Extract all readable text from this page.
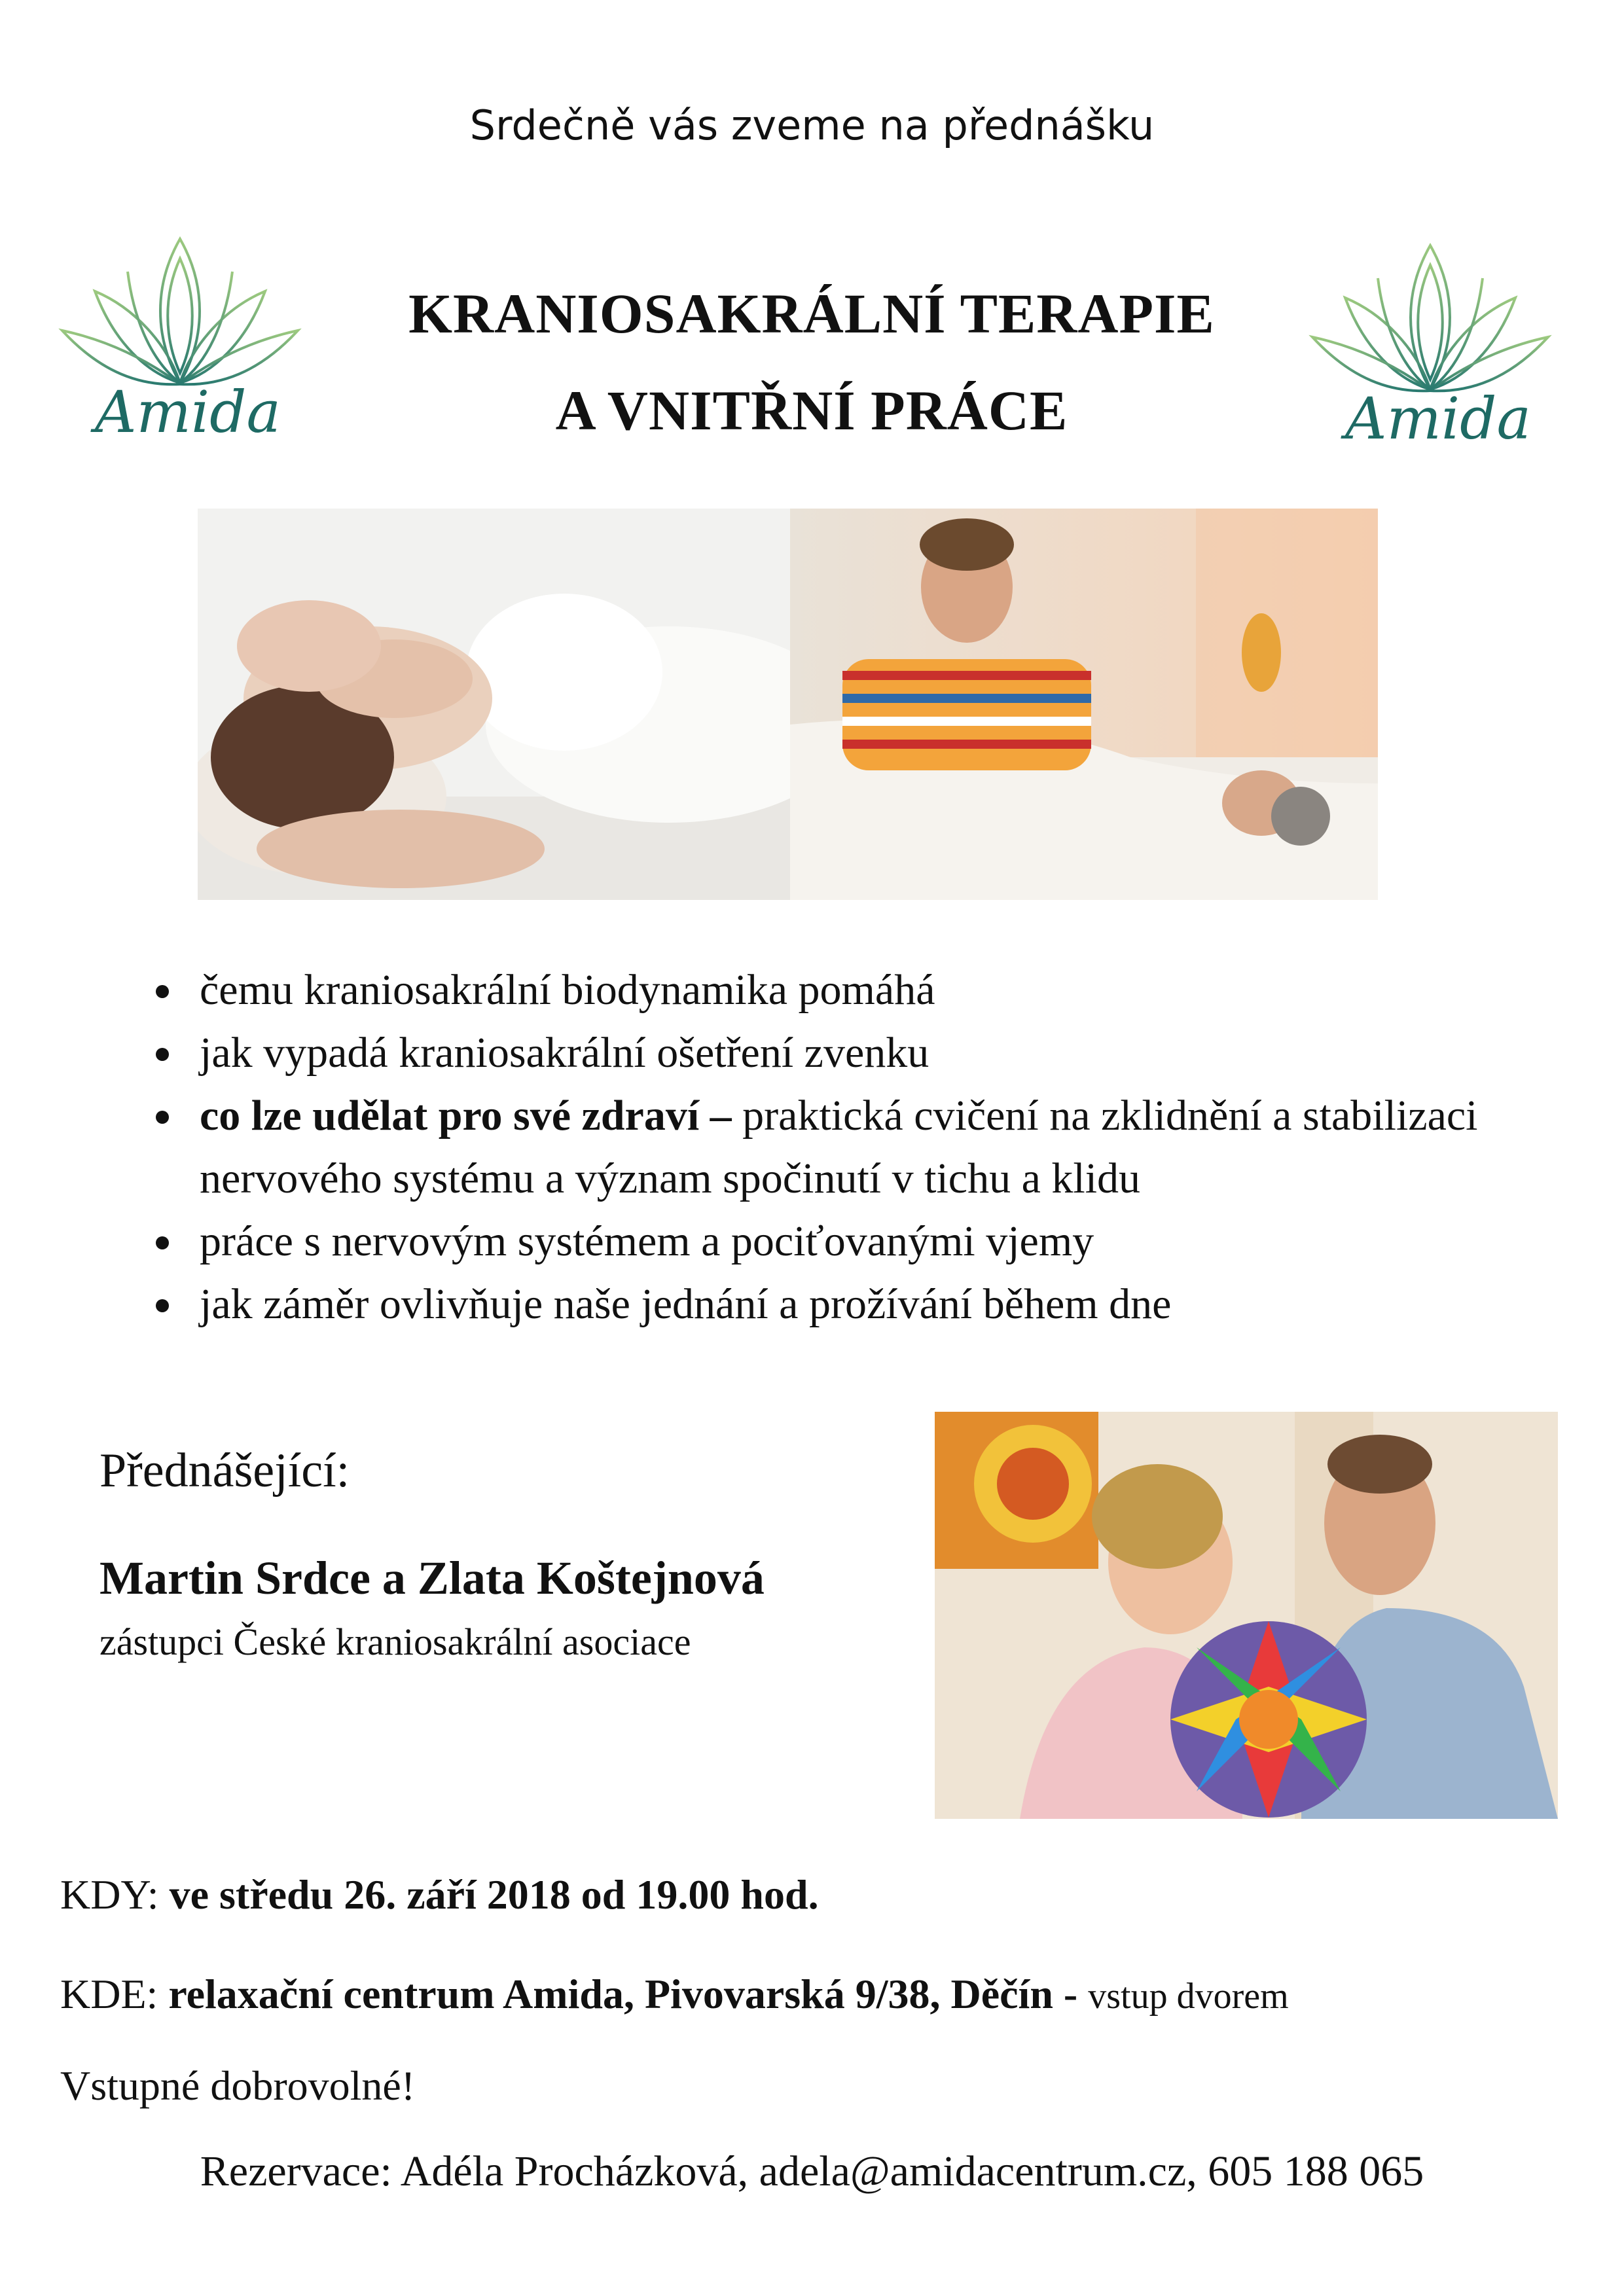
Srdečně vás zveme na přednášku
Amida	Amida
KRANIOSAKRÁLNÍ TERAPIE
A VNITŘNÍ PRÁCE
čemu kraniosakrální biodynamika pomáhá
jak vypadá kraniosakrální ošetření zvenku
co lze udělat pro své zdraví – praktická cvičení na zklidnění a stabilizaci nervového systému a význam spočinutí v tichu a klidu
práce s nervovým systémem a pociťovanými vjemy
jak záměr ovlivňuje naše jednání a prožívání během dne
Přednášející:
Martin Srdce a Zlata Koštejnová
zástupci České kraniosakrální asociace
KDY: ve středu 26. září 2018 od 19.00 hod.
KDE: relaxační centrum Amida, Pivovarská 9/38, Děčín - vstup dvorem
Vstupné dobrovolné!
Rezervace: Adéla Procházková, adela@amidacentrum.cz, 605 188 065
